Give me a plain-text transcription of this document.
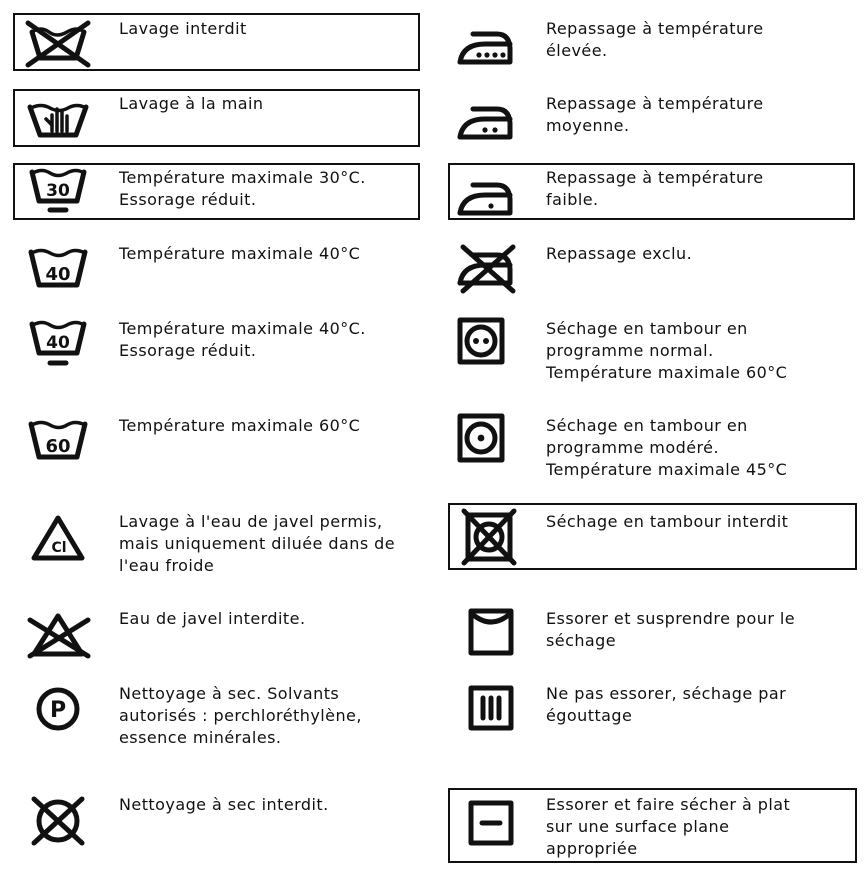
Lavage interdit
Lavage à la main
30
Température maximale 30°C.
Essorage réduit.
40
Température maximale 40°C
40
Température maximale 40°C.
Essorage réduit.
60
Température maximale 60°C
Cl
Lavage à l'eau de javel permis,
mais uniquement diluée dans de
l'eau froide
Eau de javel interdite.
P
Nettoyage à sec. Solvants
autorisés : perchloréthylène,
essence minérales.
Nettoyage à sec interdit.
Repassage à température
élevée.
Repassage à température
moyenne.
Repassage à température
faible.
Repassage exclu.
Séchage en tambour en
programme normal.
Température maximale 60°C
Séchage en tambour en
programme modéré.
Température maximale 45°C
Séchage en tambour interdit
Essorer et susprendre pour le
séchage
Ne pas essorer, séchage par
égouttage
Essorer et faire sécher à plat
sur une surface plane
appropriée
